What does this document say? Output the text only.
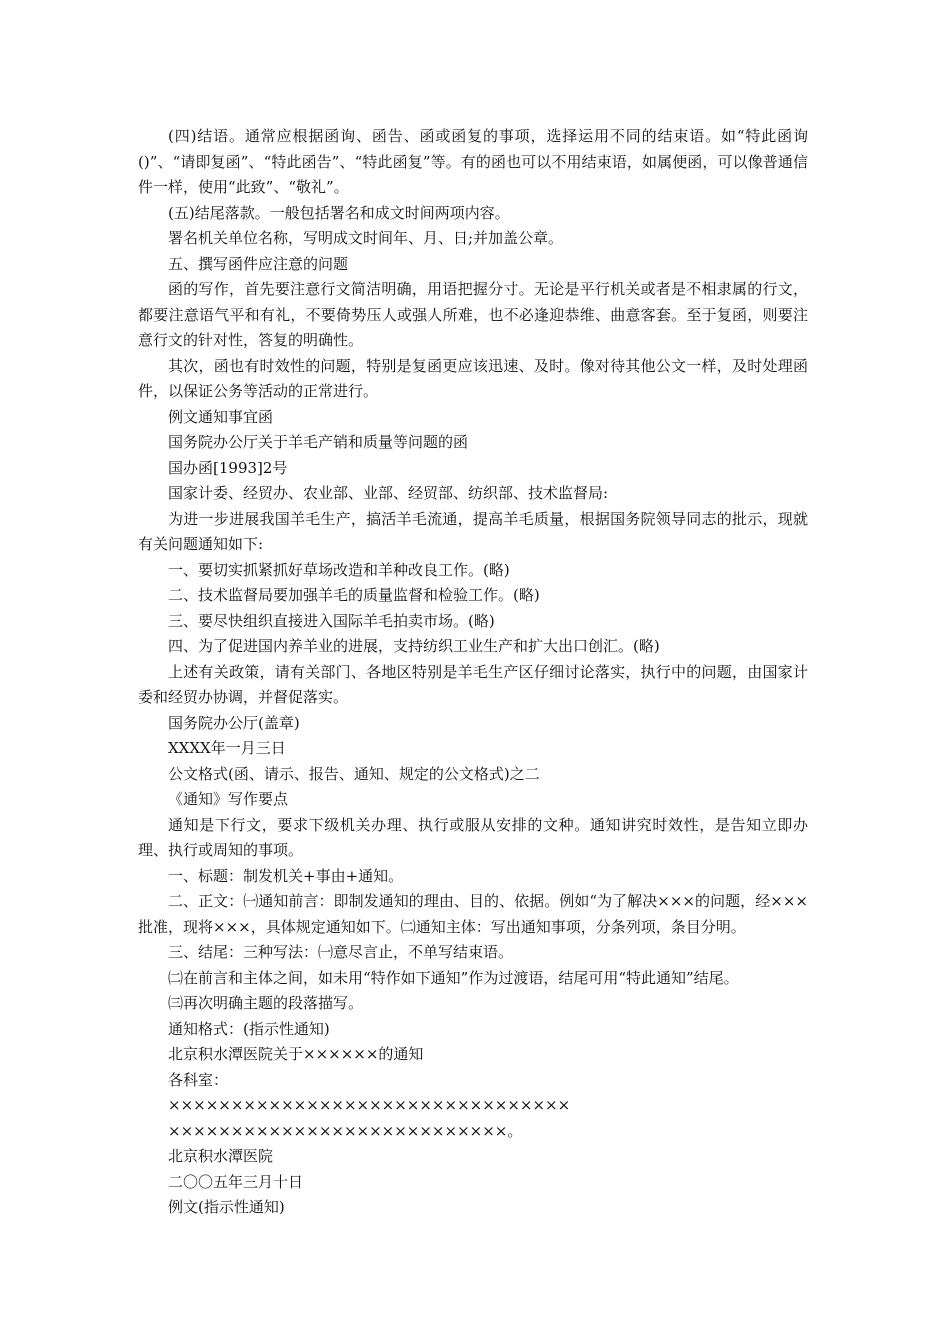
(四)结语。通常应根据函询、函告、函或函复的事项，选择运用不同的结束语。如“特此函询()”、“请即复函”、“特此函告”、“特此函复”等。有的函也可以不用结束语，如属便函，可以像普通信件一样，使用“此致”、“敬礼”。

(五)结尾落款。一般包括署名和成文时间两项内容。

署名机关单位名称，写明成文时间年、月、日;并加盖公章。

五、撰写函件应注意的问题

函的写作，首先要注意行文简洁明确，用语把握分寸。无论是平行机关或者是不相隶属的行文，都要注意语气平和有礼，不要倚势压人或强人所难，也不必逢迎恭维、曲意客套。至于复函，则要注意行文的针对性，答复的明确性。

其次，函也有时效性的问题，特别是复函更应该迅速、及时。像对待其他公文一样，及时处理函件，以保证公务等活动的正常进行。

例文通知事宜函

国务院办公厅关于羊毛产销和质量等问题的函

国办函[1993]2号

国家计委、经贸办、农业部、业部、经贸部、纺织部、技术监督局:

为进一步进展我国羊毛生产，搞活羊毛流通，提高羊毛质量，根据国务院领导同志的批示，现就有关问题通知如下:

一、要切实抓紧抓好草场改造和羊种改良工作。(略)

二、技术监督局要加强羊毛的质量监督和检验工作。(略)

三、要尽快组织直接进入国际羊毛拍卖市场。(略)

四、为了促进国内养羊业的进展，支持纺织工业生产和扩大出口创汇。(略)

上述有关政策，请有关部门、各地区特别是羊毛生产区仔细讨论落实，执行中的问题，由国家计委和经贸办协调，并督促落实。

国务院办公厅(盖章)

XXXX年一月三日

公文格式(函、请示、报告、通知、规定的公文格式)之二

《通知》写作要点

通知是下行文，要求下级机关办理、执行或服从安排的文种。通知讲究时效性，是告知立即办理、执行或周知的事项。

一、标题：制发机关+事由+通知。

二、正文：㈠通知前言：即制发通知的理由、目的、依据。例如“为了解决×××的问题，经×××批准，现将×××，具体规定通知如下。㈡通知主体：写出通知事项，分条列项，条目分明。

三、结尾：三种写法：㈠意尽言止，不单写结束语。

㈡在前言和主体之间，如未用“特作如下通知”作为过渡语，结尾可用“特此通知”结尾。

㈢再次明确主题的段落描写。

通知格式：(指示性通知)

北京积水潭医院关于××××××的通知

各科室：

××××××××××××××××××××××××××××××××

×××××××××××××××××××××××××××。

北京积水潭医院

二〇〇五年三月十日

例文(指示性通知)
